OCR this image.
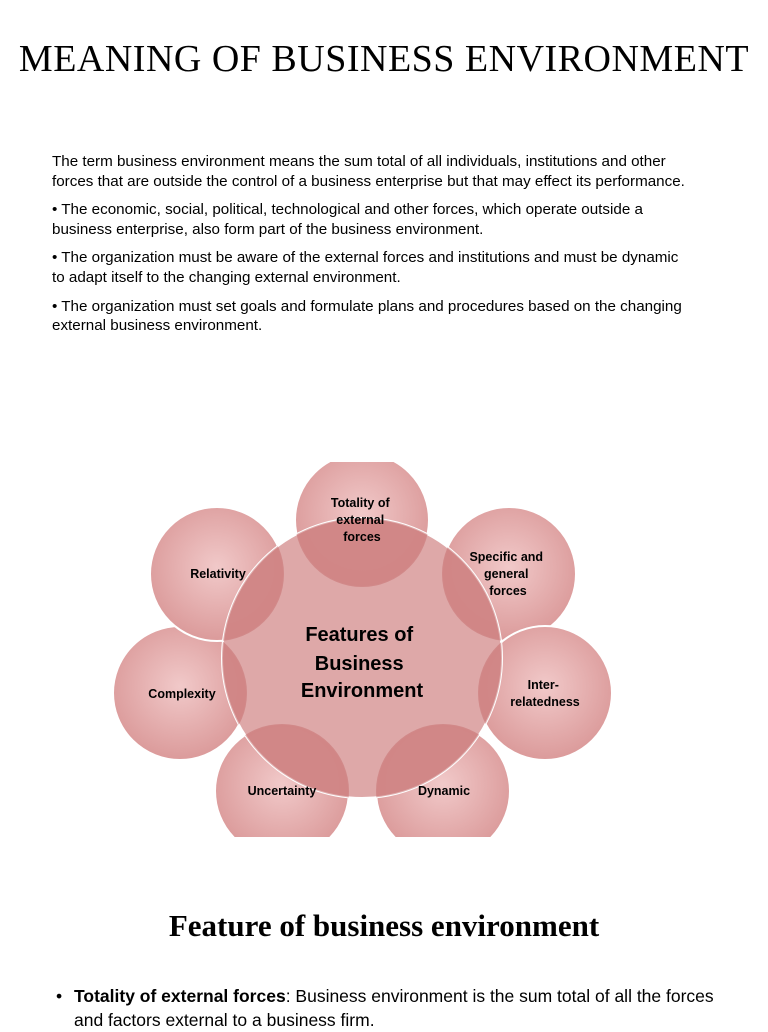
MEANING OF BUSINESS ENVIRONMENT

The term business environment means the sum total of all individuals, institutions and other forces that are outside the control of a business enterprise but that may effect its performance.

• The economic, social, political, technological and other forces, which operate outside a business enterprise, also form part of the business environment.

• The organization must be aware of the external forces and institutions and must be dynamic to adapt itself to the changing external environment.

• The organization must set goals and formulate plans and procedures based on the changing external business environment.

Features of Business Environment
Totality of external forces
Specific and general forces
Inter- relatedness
Dynamic
Uncertainty
Complexity
Relativity
Feature of business environment
• Totality of external forces: Business environment is the sum total of all the forces and factors external to a business firm.
